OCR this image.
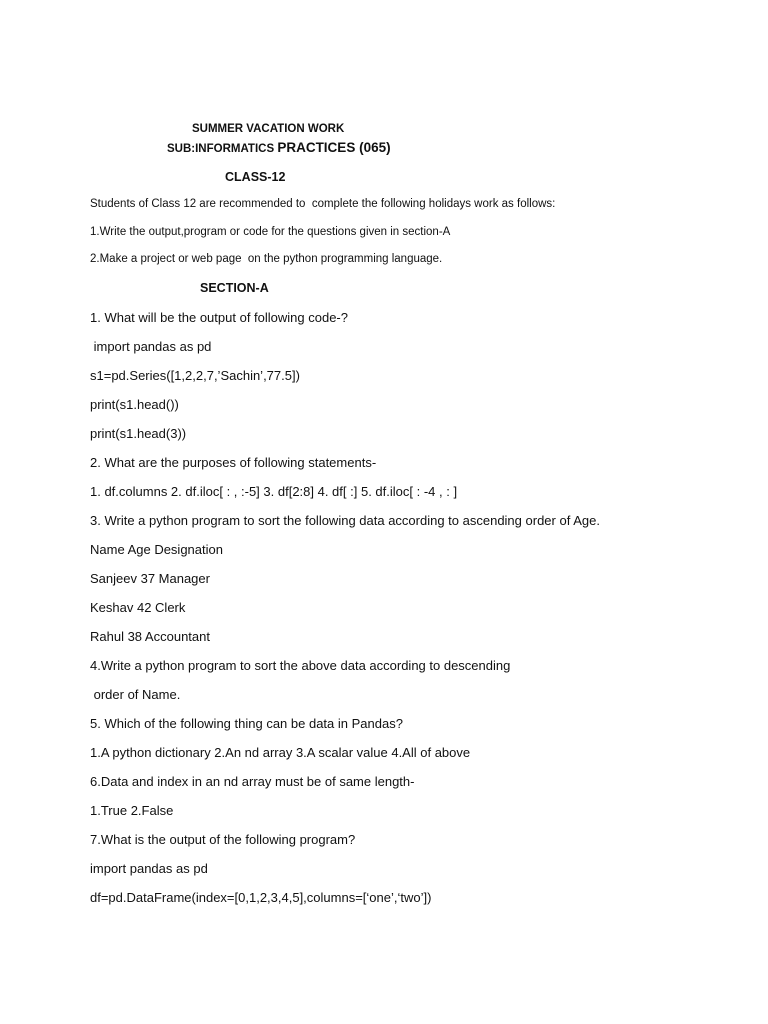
SUMMER VACATION WORK
SUB:INFORMATICS PRACTICES (065)
CLASS-12
Students of Class 12 are recommended to  complete the following holidays work as follows:
1.Write the output,program or code for the questions given in section-A
2.Make a project or web page  on the python programming language.
SECTION-A
1. What will be the output of following code-?
import pandas as pd
s1=pd.Series([1,2,2,7,’Sachin’,77.5])
print(s1.head())
print(s1.head(3))
2. What are the purposes of following statements-
1. df.columns 2. df.iloc[ : , :-5] 3. df[2:8] 4. df[ :] 5. df.iloc[ : -4 , : ]
3. Write a python program to sort the following data according to ascending order of Age.
Name Age Designation
Sanjeev 37 Manager
Keshav 42 Clerk
Rahul 38 Accountant
4.Write a python program to sort the above data according to descending
order of Name.
5. Which of the following thing can be data in Pandas?
1.A python dictionary 2.An nd array 3.A scalar value 4.All of above
6.Data and index in an nd array must be of same length-
1.True 2.False
7.What is the output of the following program?
import pandas as pd
df=pd.DataFrame(index=[0,1,2,3,4,5],columns=[‘one’,‘two’])
